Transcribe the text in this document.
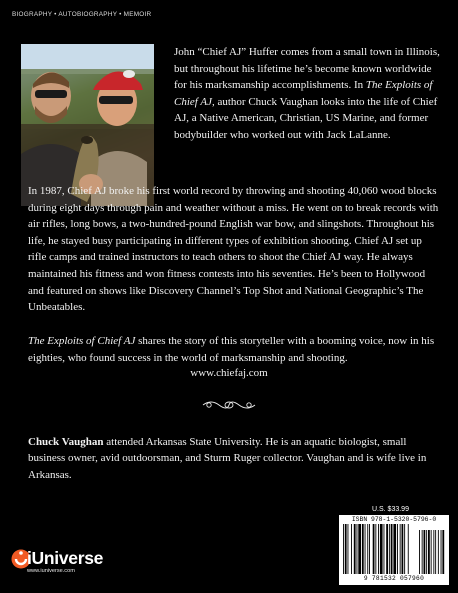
BIOGRAPHY • AUTOBIOGRAPHY • MEMOIR

John “Chief AJ” Huffer comes from a small town in Illinois, but throughout his lifetime he’s become known worldwide for his marksmanship accomplishments. In The Exploits of Chief AJ, author Chuck Vaughan looks into the life of Chief AJ, a Native American, Christian, US Marine, and former bodybuilder who worked out with Jack LaLanne.

In 1987, Chief AJ broke his first world record by throwing and shooting 40,060 wood blocks during eight days through pain and weather without a miss. He went on to break records with air rifles, long bows, a two-hundred-pound English war bow, and slingshots. Throughout his life, he stayed busy participating in different types of exhibition shooting. Chief AJ set up rifle camps and trained instructors to teach others to shoot the Chief AJ way. He always maintained his fitness and won fitness contests into his seventies. He’s been to Hollywood and featured on shows like Discovery Channel’s Top Shot and National Geographic’s The Unbeatables.

The Exploits of Chief AJ shares the story of this storyteller with a booming voice, now in his eighties, who found success in the world of marksmanship and shooting.

www.chiefaj.com

Chuck Vaughan attended Arkansas State University. He is an aquatic biologist, small business owner, avid outdoorsman, and Sturm Ruger collector. Vaughan and is wife live in Arkansas.

U.S. $33.99
ISBN 978-1-5320-5796-0
9 781532 057960
iUniverse
www.iuniverse.com
